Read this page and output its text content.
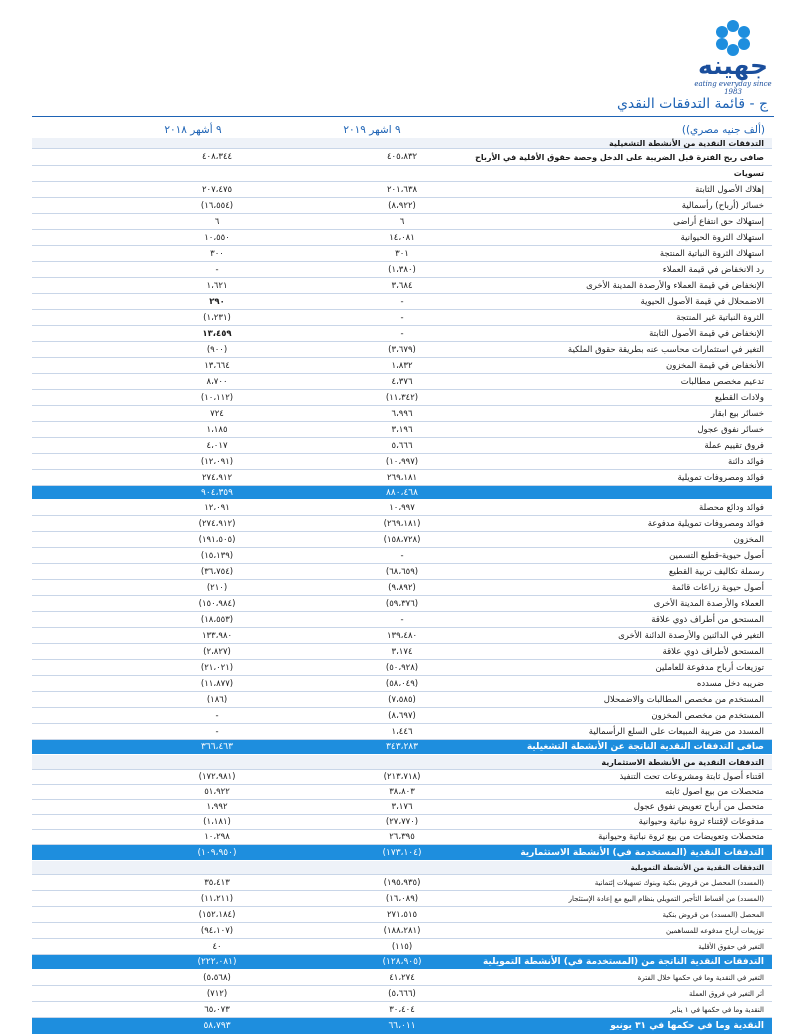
جهينه
eating everyday since 1983
ج - قائمة التدفقات النقدي
٩ أشهر ٢٠١٨	٩ اشهر ٢٠١٩	(ألف جنيه مصري))
التدفقات النقدية من الأنشطة التشغيلية
٤٠٨،٣٤٤	٤٠٥،٨٣٢	صافى ربح الفترة قبل الضريبة على الدخل وحصة حقوق الأقلية في الأرباح
تسويات
٢٠٧،٤٧٥	٢٠١،٦٣٨	إهلاك الأصول الثابتة
(١٦،٥٥٤)	(٨،٩٢٢)	خسائر (أرباح) رأسمالية
٦	٦	إستهلاك حق انتفاع أراضى
١٠،٥٥٠	١٤،٠٨١	استهلاك الثروة الحيوانية
٣٠٠	٣٠١	استهلاك الثروة النباتية المنتجة
-	(١،٣٨٠)	رد الانخفاض في قيمة العملاء
١،٦٢١	٣،٦٨٤	الإنخفاض في قيمة العملاء والأرصدة المدينة الأخرى
٢٩٠	-	الاضمحلال في قيمة الأصول الحيوية
(١،٢٣١)	-	الثروة النباتية غير المنتجة
١٣،٤٥٩	-	الإنخفاض في قيمة الأصول الثابتة
(٩٠٠)	(٣،٦٧٩)	التغير في استثمارات محاسب عنه بطريقة حقوق الملكية
١٣،٦٦٤	١،٨٣٢	الأنخفاض في قيمة المخزون
٨،٧٠٠	٤،٣٧٦	تدعيم مخصص مطالبات
(١٠،١١٢)	(١١،٣٤٢)	ولادات القطيع
٧٢٤	٦،٩٩٦	خسائر بيع ابقار
١،١٨٥	٣،١٩٦	خسائر نفوق عجول
٤،٠١٧	٥،٦٦٦	فروق تقييم عملة
(١٢،٠٩١)	(١٠،٩٩٧)	فوائد دائنة
٢٧٤،٩١٢	٢٦٩،١٨١	فوائد ومصروفات تمويلية
٩٠٤،٣٥٩	٨٨٠،٤٦٨
١٢،٠٩١	١٠،٩٩٧	فوائد ودائع محصلة
(٢٧٤،٩١٢)	(٢٦٩،١٨١)	فوائد ومصروفات تمويلية مدفوعة
(١٩١،٥٠٥)	(١٥٨،٧٢٨)	المخزون
(١٥،١٣٩)	-	أصول حيوية-قطيع التسمين
(٣٦،٧٥٤)	(٦٨،٦٥٩)	رسملة تكاليف تربية القطيع
(٢١٠)	(٩،٨٩٢)	أصول حيوية زراعات قائمة
(١٥٠،٩٨٤)	(٥٩،٣٧٦)	العملاء والأرصدة المدينة الأخرى
(١٨،٥٥٣)	-	المستحق من أطراف ذوي علاقة
١٣٣،٩٨٠	١٣٩،٤٨٠	التغير في الدائنين والأرصدة الدائنة الأخرى
(٢،٨٢٧)	٣،١٧٤	المستحق لأطراف ذوي علاقة
(٢١،٠٢١)	(٥٠،٩٢٨)	توزيعات أرباح مدفوعة للعاملين
(١١،٨٧٧)	(٥٨،٠٤٩)	ضريبه دخل مسدده
(١٨٦)	(٧،٥٨٥)	المستخدم من مخصص المطالبات والاضمحلال
-	(٨،٦٩٧)	المستخدم من مخصص المخزون
-	١،٤٤٦	المسدد من ضريبة المبيعات على السلع الرأسمالية
٣٦٦،٤٦٣	٣٤٣،٢٨٣	صافى التدفقات النقدية الناتجة عن الأنشطة التشغيلية
التدفقات النقدية من الأنشطة الاستثمارية
(١٧٢،٩٨١)	(٢١٣،٧١٨)	اقتناء أصول ثابتة ومشروعات تحت التنفيذ
٥١،٩٢٢	٣٨،٨٠٣	متحصلات من بيع اصول ثابته
١،٩٩٢	٣،١٧٦	متحصل من أرباح تعويض نفوق عجول
(١،١٨١)	(٢٧،٧٧٠)	مدفوعات لإقتناء ثروة نباتية وحيوانية
١٠،٢٩٨	٢٦،٣٩٥	متحصلات وتعويضات من بيع ثروة نباتية وحيوانية
(١٠٩،٩٥٠)	(١٧٣،١٠٤)	التدفقات النقدية (المستخدمة في) الأنشطة الاستثمارية
التدفقات النقدية من الأنشطة التمويلية
٣٥،٤١٣	(١٩٥،٩٣٥)	(المسدد) المحصل من قروض بنكية وبنوك تسهيلات إئتمانية
(١١،٢١١)	(١٦،٠٨٩)	(المسدد) من أقساط التأجير التمويلي بنظام البيع مع إعادة الإستئجار
(١٥٢،١٨٤)	٢٧١،٥١٥	المحصل (المسدد) من قروض بنكية
(٩٤،١٠٧)	(١٨٨،٢٨١)	توزيعات أرباح مدفوعه للمساهمين
٤٠	(١١٥)	التغير في حقوق الأقلية
(٢٢٢،٠٨١)	(١٢٨،٩٠٥)	التدفقات النقدية الناتجة من (المستخدمة في) الأنشطة التمويلية
(٥،٥٦٨)	٤١،٢٧٤	التغير في النقدية وما في حكمها خلال الفترة
(٧١٢)	(٥،٦٦٦)	أثر التغير في فروق العملة
٦٥،٠٧٣	٣٠،٤٠٤	النقدية وما في حكمها في ١ يناير
٥٨،٧٩٣	٦٦،٠١١	النقدية وما في حكمها في ٣١ يونيو
